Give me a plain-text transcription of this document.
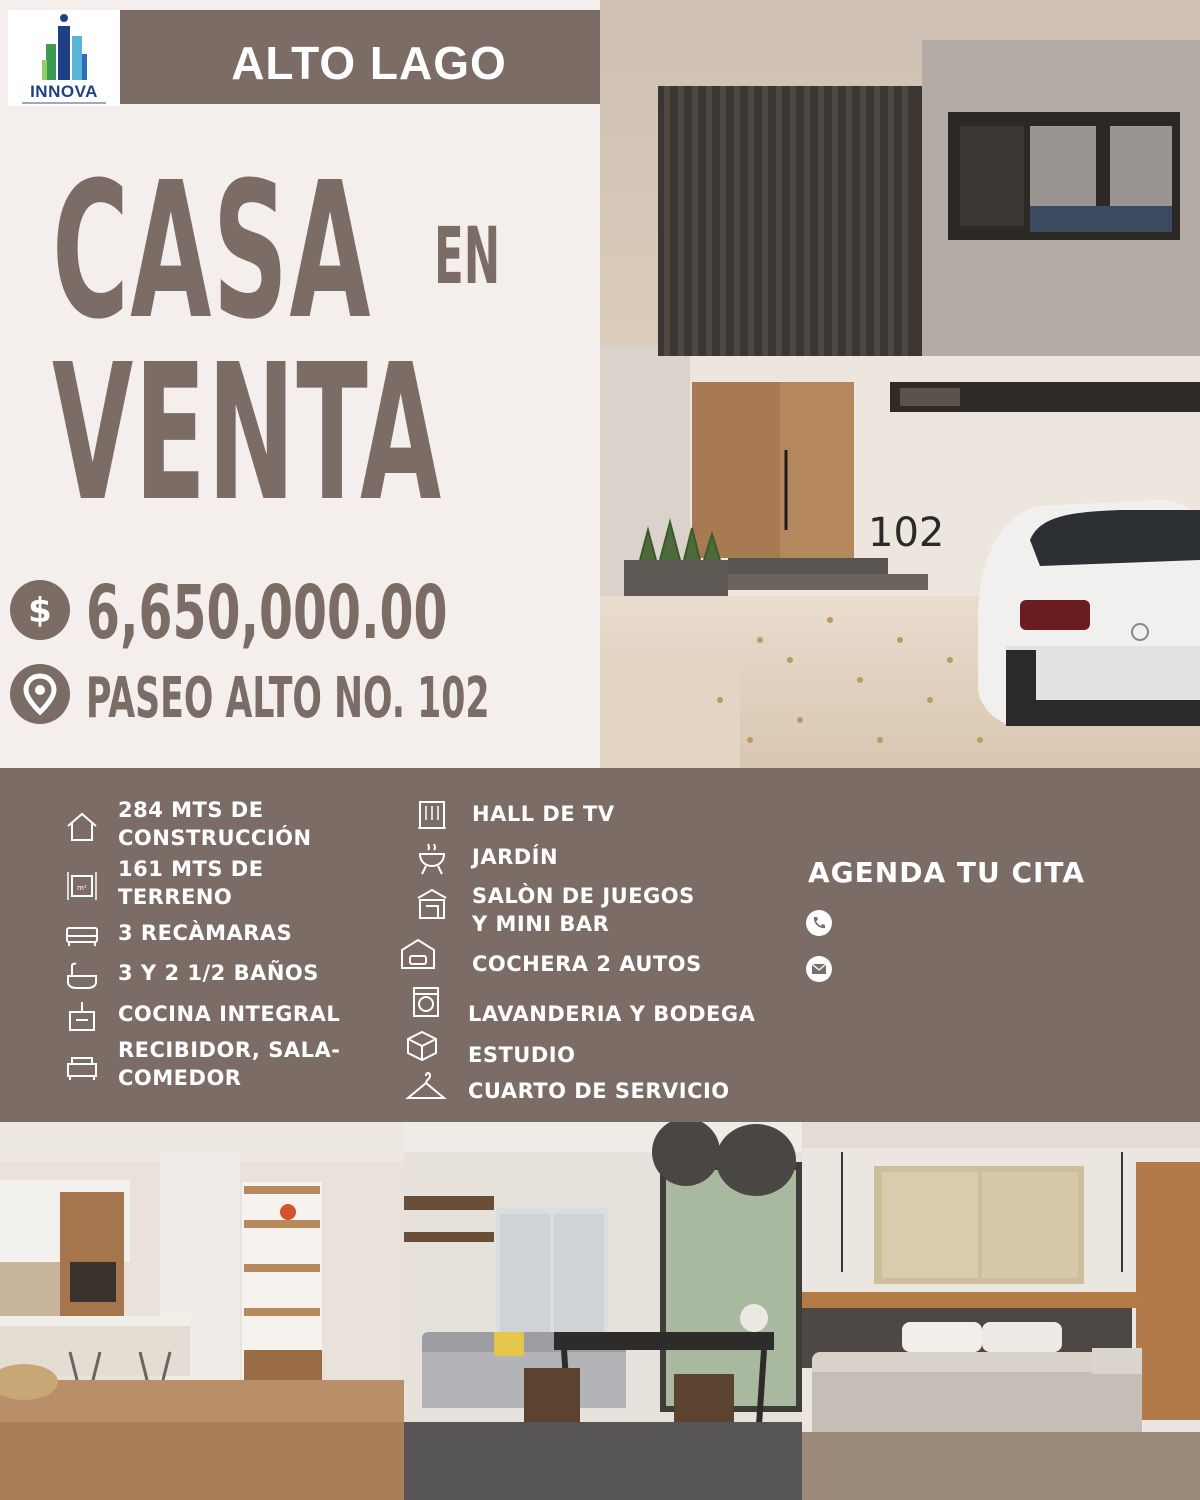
INNOVA
ALTO LAGO
CASA EN
VENTA
$ 6,650,000.00
PASEO ALTO NO. 102
102
284 MTS DE
CONSTRUCCIÓN
m²
161 MTS DE
TERRENO
3 RECÀMARAS
3 Y 2 1/2 BAÑOS
COCINA INTEGRAL
RECIBIDOR, SALA-
COMEDOR
HALL DE TV
JARDÍN
SALÒN DE JUEGOS
Y MINI BAR
COCHERA 2 AUTOS
LAVANDERIA Y BODEGA
ESTUDIO
CUARTO DE SERVICIO
AGENDA TU CITA
